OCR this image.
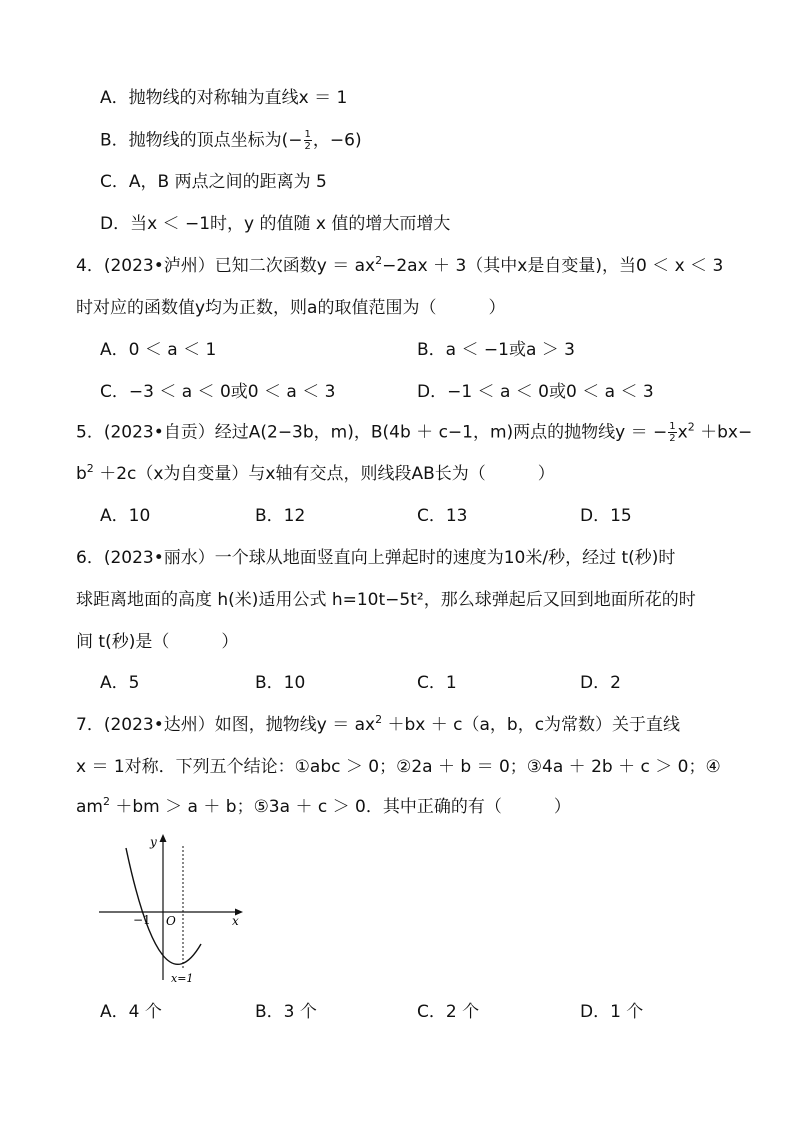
A．抛物线的对称轴为直线x ＝ 1
B．抛物线的顶点坐标为(− $\frac{1}{2}$ ，−6)
C．A，B 两点之间的距离为 5
D．当x ＜ −1时，y 的值随 x 值的增大而增大
4．(2023•泸州）已知二次函数$y = ax^2-2ax + 3$（其中x是自变量)，当0 ＜ x ＜ 3
时对应的函数值y均为正数，则a的取值范围为（	）
A．0 ＜ a ＜ 1	B．a ＜ −1或a ＞ 3
C．−3 ＜ a ＜ 0或0 ＜ a ＜ 3	D．−1 ＜ a ＜ 0或0 ＜ a ＜ 3
5．(2023•自贡）经过A(2−3b，m)，B(4b ＋ c−1，m)两点的抛物线y ＝ − $\frac{1}{2} x^2 +bx-$
$b^2 +2c(x$为自变量）与x轴有交点，则线段AB长为（	）
A．10	B．12	C．13	D．15
6．(2023•丽水）一个球从地面竖直向上弹起时的速度为10米/秒，经过 t(秒)时
球距离地面的高度 h(米)适用公式 h=10t−5t²，那么球弹起后又回到地面所花的时
间 t(秒)是（	）
A．5	B．10	C．1	D．2
7．(2023•达州）如图，抛物线$y = ax^2 +bx + c(a$，b，c为常数）关于直线
x ＝ 1对称．下列五个结论：①abc ＞ 0；②2a ＋ b ＝ 0；③4a ＋ 2b ＋ c ＞ 0；④
$am^2 +bm > a + b$；⑤3a ＋ c ＞ 0．其中正确的有（	）
y
x
O
−1
x=1
A．4 个	B．3 个	C．2 个	D．1 个
